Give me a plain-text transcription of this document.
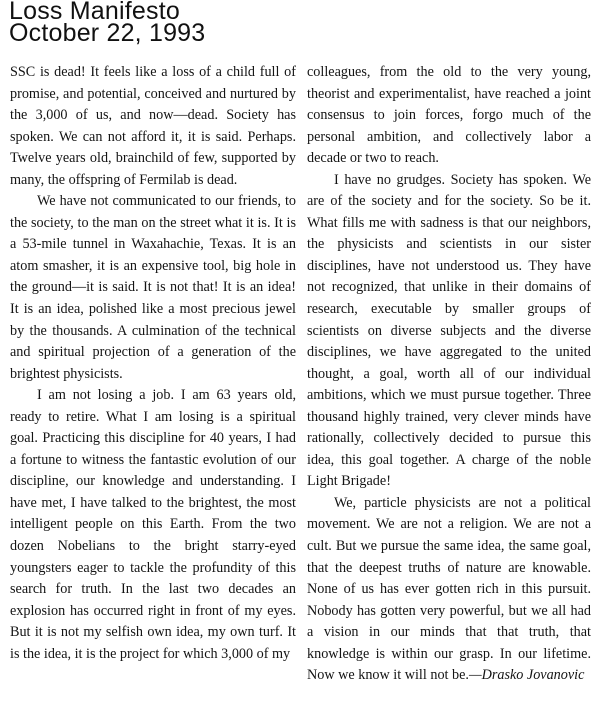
Loss Manifesto
October 22, 1993

SSC is dead! It feels like a loss of a child full of promise, and potential, conceived and nurtured by the 3,000 of us, and now—dead. Society has spoken. We can not afford it, it is said. Perhaps. Twelve years old, brainchild of few, supported by many, the offspring of Fermilab is dead.

We have not communicated to our friends, to the society, to the man on the street what it is. It is a 53-mile tunnel in Waxahachie, Texas. It is an atom smasher, it is an expensive tool, big hole in the ground—it is said. It is not that! It is an idea! It is an idea, polished like a most precious jewel by the thousands. A culmination of the technical and spiritual projection of a generation of the brightest physicists.

I am not losing a job. I am 63 years old, ready to retire. What I am losing is a spiritual goal. Practicing this discipline for 40 years, I had a fortune to witness the fantastic evolution of our discipline, our knowledge and understanding. I have met, I have talked to the brightest, the most intelligent people on this Earth. From the two dozen Nobelians to the bright starry-eyed youngsters eager to tackle the profundity of this search for truth. In the last two decades an explosion has occurred right in front of my eyes. But it is not my selfish own idea, my own turf. It is the idea, it is the project for which 3,000 of my

colleagues, from the old to the very young, theorist and experimentalist, have reached a joint consensus to join forces, forgo much of the personal ambition, and collectively labor a decade or two to reach.

I have no grudges. Society has spoken. We are of the society and for the society. So be it. What fills me with sadness is that our neighbors, the physicists and scientists in our sister disciplines, have not understood us. They have not recognized, that unlike in their domains of research, executable by smaller groups of scientists on diverse subjects and the diverse disciplines, we have aggregated to the united thought, a goal, worth all of our individual ambitions, which we must pursue together. Three thousand highly trained, very clever minds have rationally, collectively decided to pursue this idea, this goal together. A charge of the noble Light Brigade!

We, particle physicists are not a political movement. We are not a religion. We are not a cult. But we pursue the same idea, the same goal, that the deepest truths of nature are knowable. None of us has ever gotten rich in this pursuit. Nobody has gotten very powerful, but we all had a vision in our minds that that truth, that knowledge is within our grasp. In our lifetime. Now we know it will not be.—Drasko Jovanovic
